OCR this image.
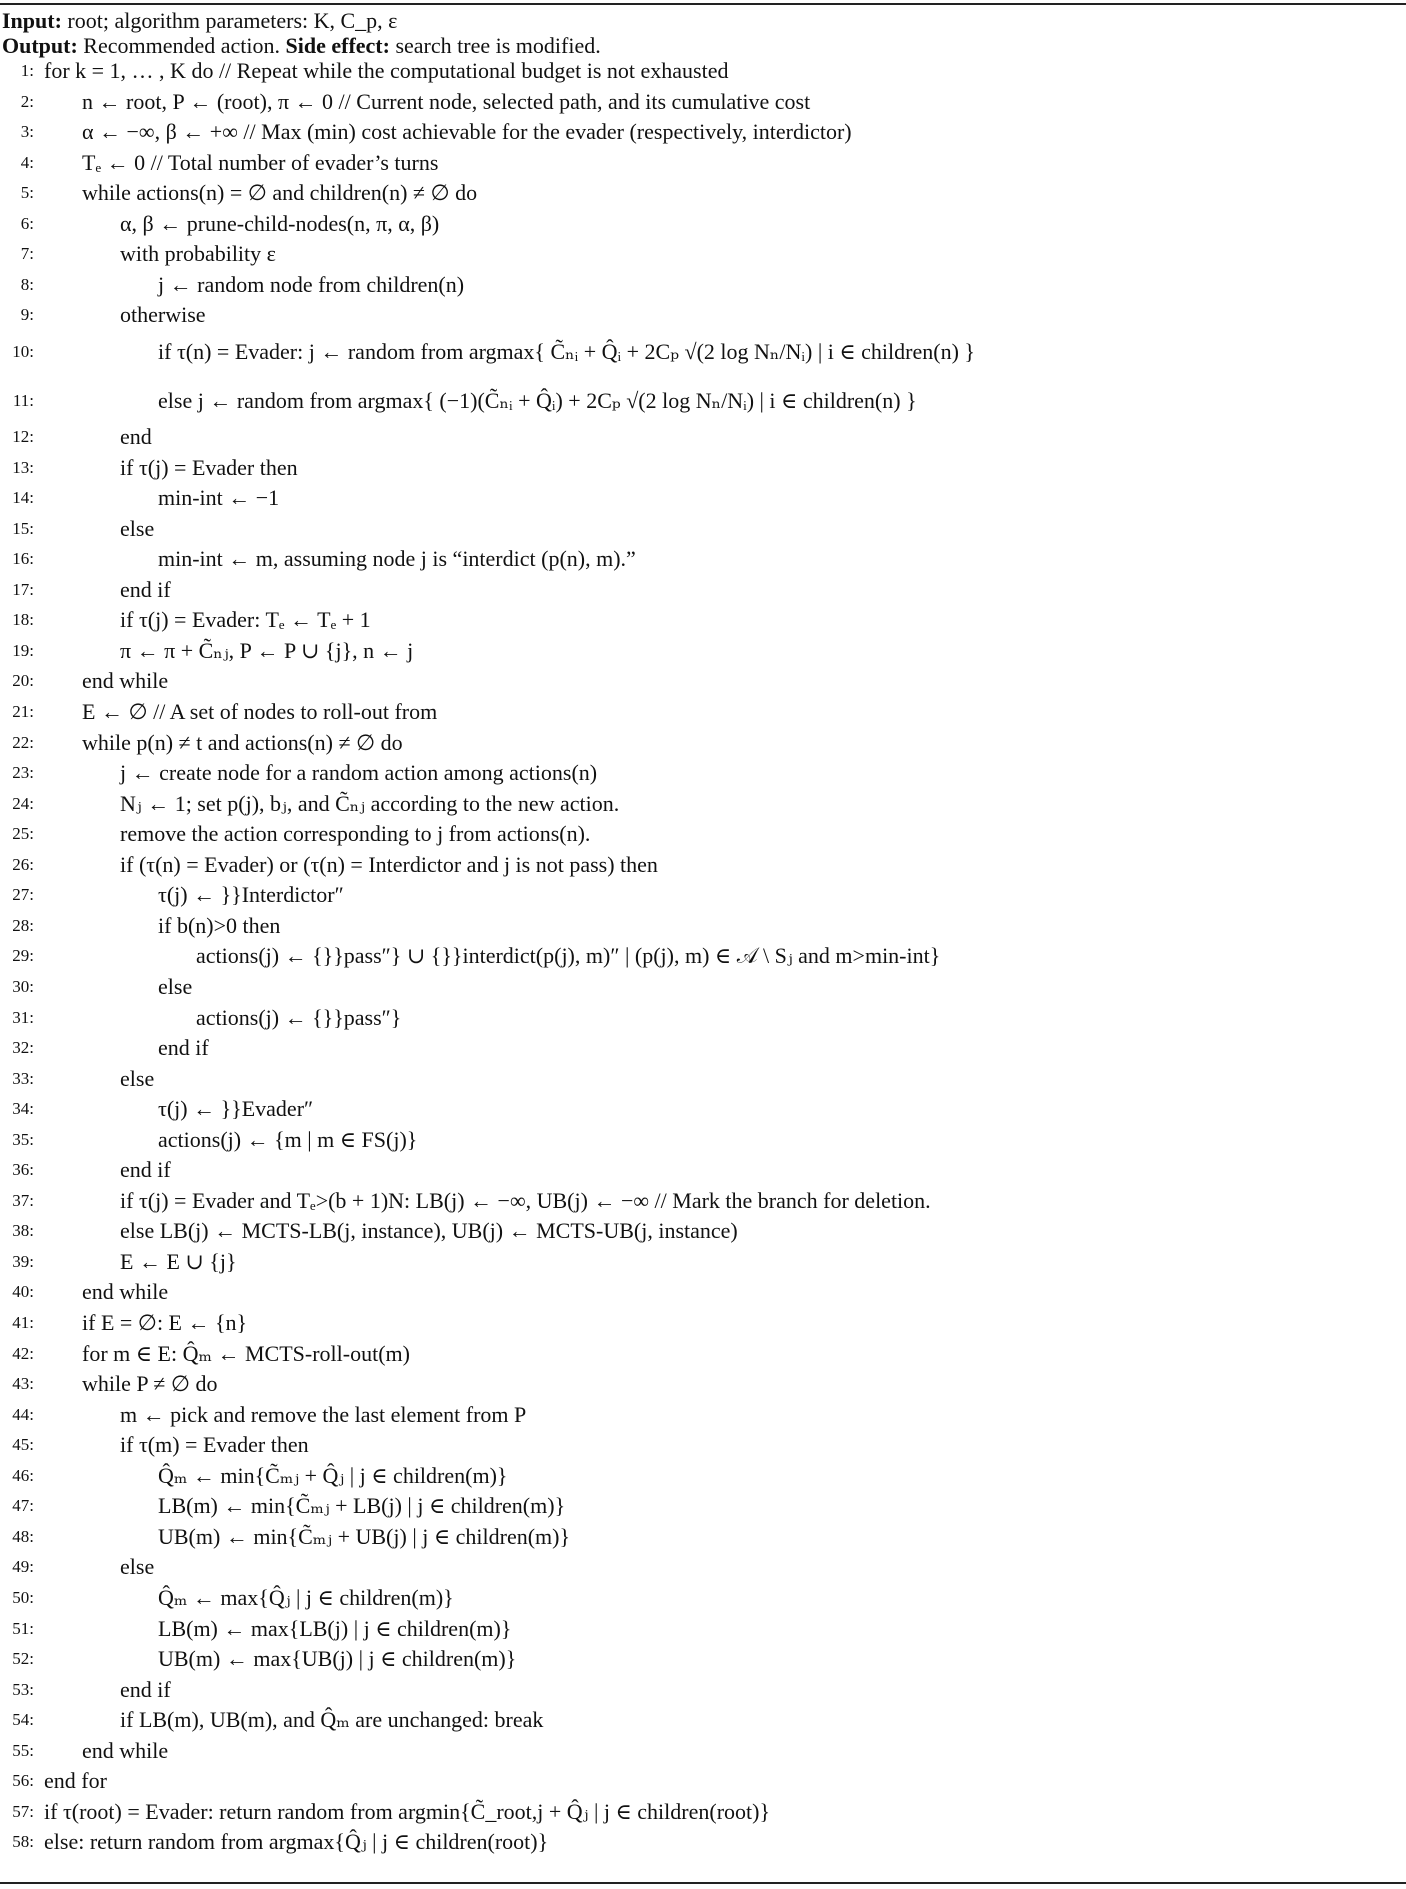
Input: root; algorithm parameters: K, C_p, ε
Output: Recommended action. Side effect: search tree is modified.
1: for k = 1, … , K do // Repeat while the computational budget is not exhausted
2: n ← root, P ← (root), π ← 0 // Current node, selected path, and its cumulative cost
3: α ← −∞, β ← +∞ // Max (min) cost achievable for the evader (respectively, interdictor)
4: Tₑ ← 0 // Total number of evader’s turns
5: while actions(n) = ∅ and children(n) ≠ ∅ do
6:	α, β ← prune-child-nodes(n, π, α, β)
7:	with probability ε
8:	j ← random node from children(n)
9:	otherwise
10:	if τ(n) = Evader: j ← random from argmax{ C̃ₙᵢ + Q̂ᵢ + 2Cₚ √(2 log Nₙ/Nᵢ) | i ∈ children(n) }
11:	else j ← random from argmax{ (−1)(C̃ₙᵢ + Q̂ᵢ) + 2Cₚ √(2 log Nₙ/Nᵢ) | i ∈ children(n) }
12:	end
13:	if τ(j) = Evader then
14:	min-int ← −1
15:	else
16:	min-int ← m, assuming node j is “interdict (p(n), m).”
17:	end if
18:	if τ(j) = Evader: Tₑ ← Tₑ + 1
19:	π ← π + C̃ₙⱼ, P ← P ∪ {j}, n ← j
20: end while
21: E ← ∅ // A set of nodes to roll-out from
22: while p(n) ≠ t and actions(n) ≠ ∅ do
23:	j ← create node for a random action among actions(n)
24:	Nⱼ ← 1; set p(j), bⱼ, and C̃ₙⱼ according to the new action.
25:	remove the action corresponding to j from actions(n).
26:	if (τ(n) = Evader) or (τ(n) = Interdictor and j is not pass) then
27:	τ(j) ← }}Interdictor″
28:	if b(n)>0 then
29:	actions(j) ← {}}pass″} ∪ {}}interdict(p(j), m)″ | (p(j), m) ∈ 𝒜 \ Sⱼ and m>min-int}
30:	else
31:	actions(j) ← {}}pass″}
32:	end if
33:	else
34:	τ(j) ← }}Evader″
35:	actions(j) ← {m | m ∈ FS(j)}
36:	end if
37:	if τ(j) = Evader and Tₑ>(b + 1)N: LB(j) ← −∞, UB(j) ← −∞ // Mark the branch for deletion.
38:	else LB(j) ← MCTS-LB(j, instance), UB(j) ← MCTS-UB(j, instance)
39:	E ← E ∪ {j}
40: end while
41: if E = ∅: E ← {n}
42: for m ∈ E: Q̂ₘ ← MCTS-roll-out(m)
43: while P ≠ ∅ do
44:	m ← pick and remove the last element from P
45:	if τ(m) = Evader then
46:	Q̂ₘ ← min{C̃ₘⱼ + Q̂ⱼ | j ∈ children(m)}
47:	LB(m) ← min{C̃ₘⱼ + LB(j) | j ∈ children(m)}
48:	UB(m) ← min{C̃ₘⱼ + UB(j) | j ∈ children(m)}
49:	else
50:	Q̂ₘ ← max{Q̂ⱼ | j ∈ children(m)}
51:	LB(m) ← max{LB(j) | j ∈ children(m)}
52:	UB(m) ← max{UB(j) | j ∈ children(m)}
53:	end if
54:	if LB(m), UB(m), and Q̂ₘ are unchanged: break
55: end while
56: end for
57: if τ(root) = Evader: return random from argmin{C̃_root,j + Q̂ⱼ | j ∈ children(root)}
58: else: return random from argmax{Q̂ⱼ | j ∈ children(root)}
